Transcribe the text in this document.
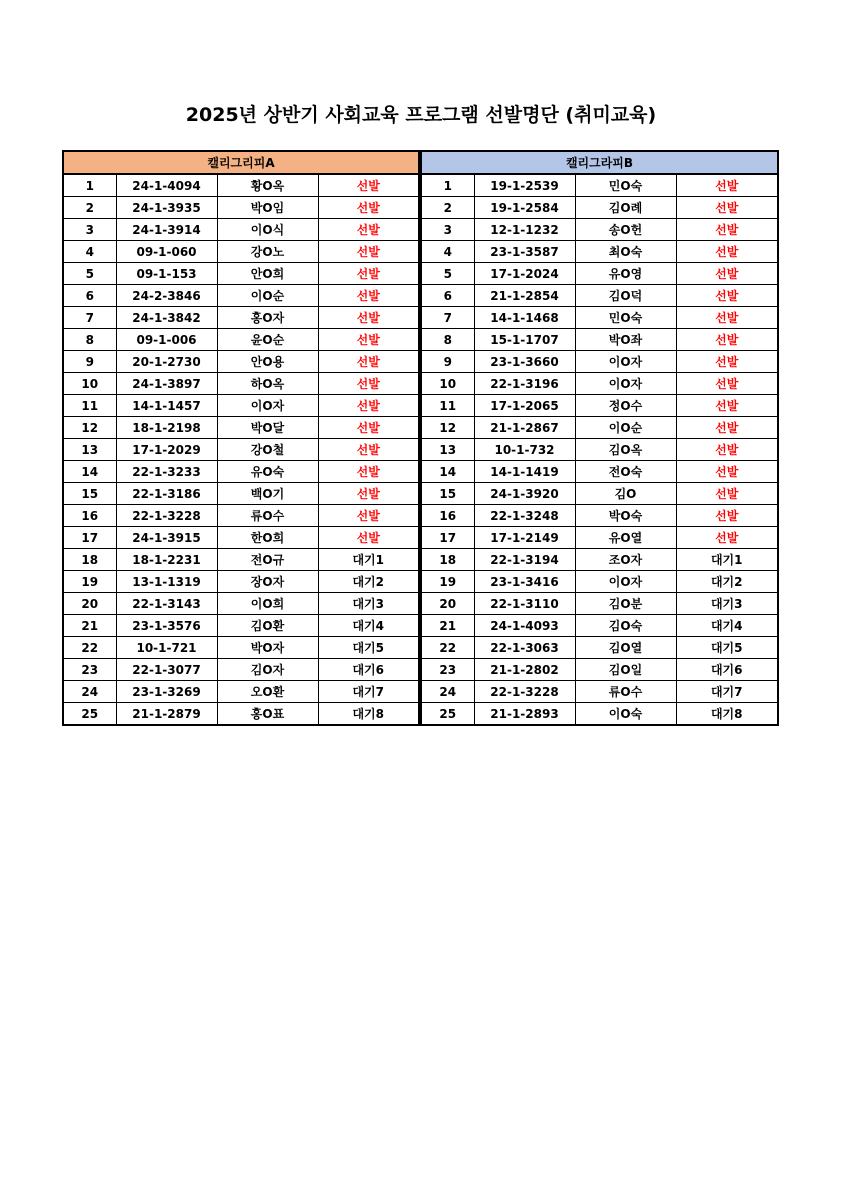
2025년 상반기 사회교육 프로그램 선발명단 (취미교육)
캘리그리피A			
1	24-1-4094	황O옥	선발
2	24-1-3935	박O임	선발
3	24-1-3914	이O식	선발
4	09-1-060	강O노	선발
5	09-1-153	안O희	선발
6	24-2-3846	이O순	선발
7	24-1-3842	홍O자	선발
8	09-1-006	윤O순	선발
9	20-1-2730	안O용	선발
10	24-1-3897	하O옥	선발
11	14-1-1457	이O자	선발
12	18-1-2198	박O달	선발
13	17-1-2029	강O철	선발
14	22-1-3233	유O숙	선발
15	22-1-3186	백O기	선발
16	22-1-3228	류O수	선발
17	24-1-3915	한O희	선발
18	18-1-2231	전O규	대기1
19	13-1-1319	장O자	대기2
20	22-1-3143	이O희	대기3
21	23-1-3576	김O환	대기4
22	10-1-721	박O자	대기5
23	22-1-3077	김O자	대기6
24	23-1-3269	오O환	대기7
25	21-1-2879	홍O표	대기8
캘리그라피B			
1	19-1-2539	민O숙	선발
2	19-1-2584	김O례	선발
3	12-1-1232	송O헌	선발
4	23-1-3587	최O숙	선발
5	17-1-2024	유O영	선발
6	21-1-2854	김O덕	선발
7	14-1-1468	민O숙	선발
8	15-1-1707	박O좌	선발
9	23-1-3660	이O자	선발
10	22-1-3196	이O자	선발
11	17-1-2065	정O수	선발
12	21-1-2867	이O순	선발
13	10-1-732	김O옥	선발
14	14-1-1419	전O숙	선발
15	24-1-3920	김O	선발
16	22-1-3248	박O숙	선발
17	17-1-2149	유O열	선발
18	22-1-3194	조O자	대기1
19	23-1-3416	이O자	대기2
20	22-1-3110	김O분	대기3
21	24-1-4093	김O숙	대기4
22	22-1-3063	김O열	대기5
23	21-1-2802	김O일	대기6
24	22-1-3228	류O수	대기7
25	21-1-2893	이O숙	대기8
